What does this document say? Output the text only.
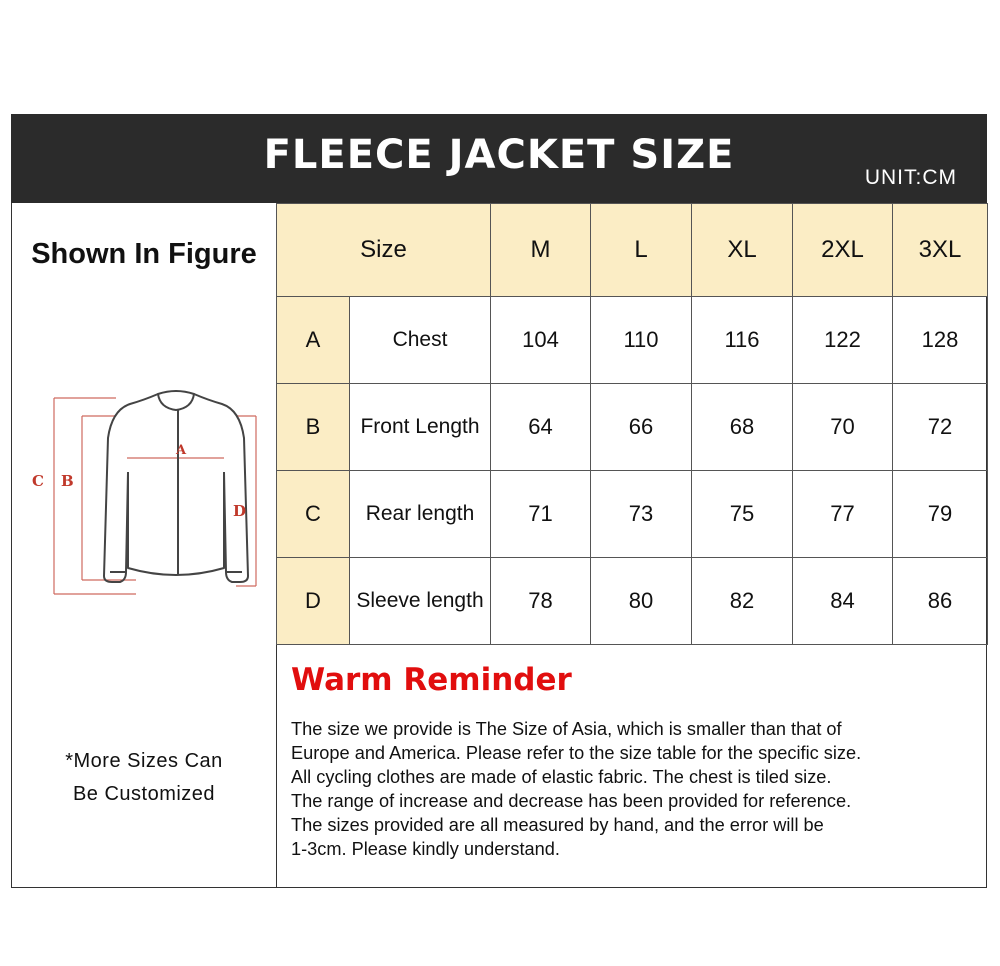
FLEECE JACKET SIZE	UNIT:CM
Shown In Figure
A
B
C
D
Size		M	L	XL	2XL	3XL
A	Chest	104	110	116	122	128
B	Front Length	64	66	68	70	72
C	Rear length	71	73	75	77	79
D	Sleeve length	78	80	82	84	86
*More Sizes Can
Be Customized
Warm Reminder
The size we provide is The Size of Asia, which is smaller than that of
Europe and America. Please refer to the size table for the specific size.
All cycling clothes are made of elastic fabric. The chest is tiled size.
The range of increase and decrease has been provided for reference.
The sizes provided are all measured by hand, and the error will be
1-3cm. Please kindly understand.
